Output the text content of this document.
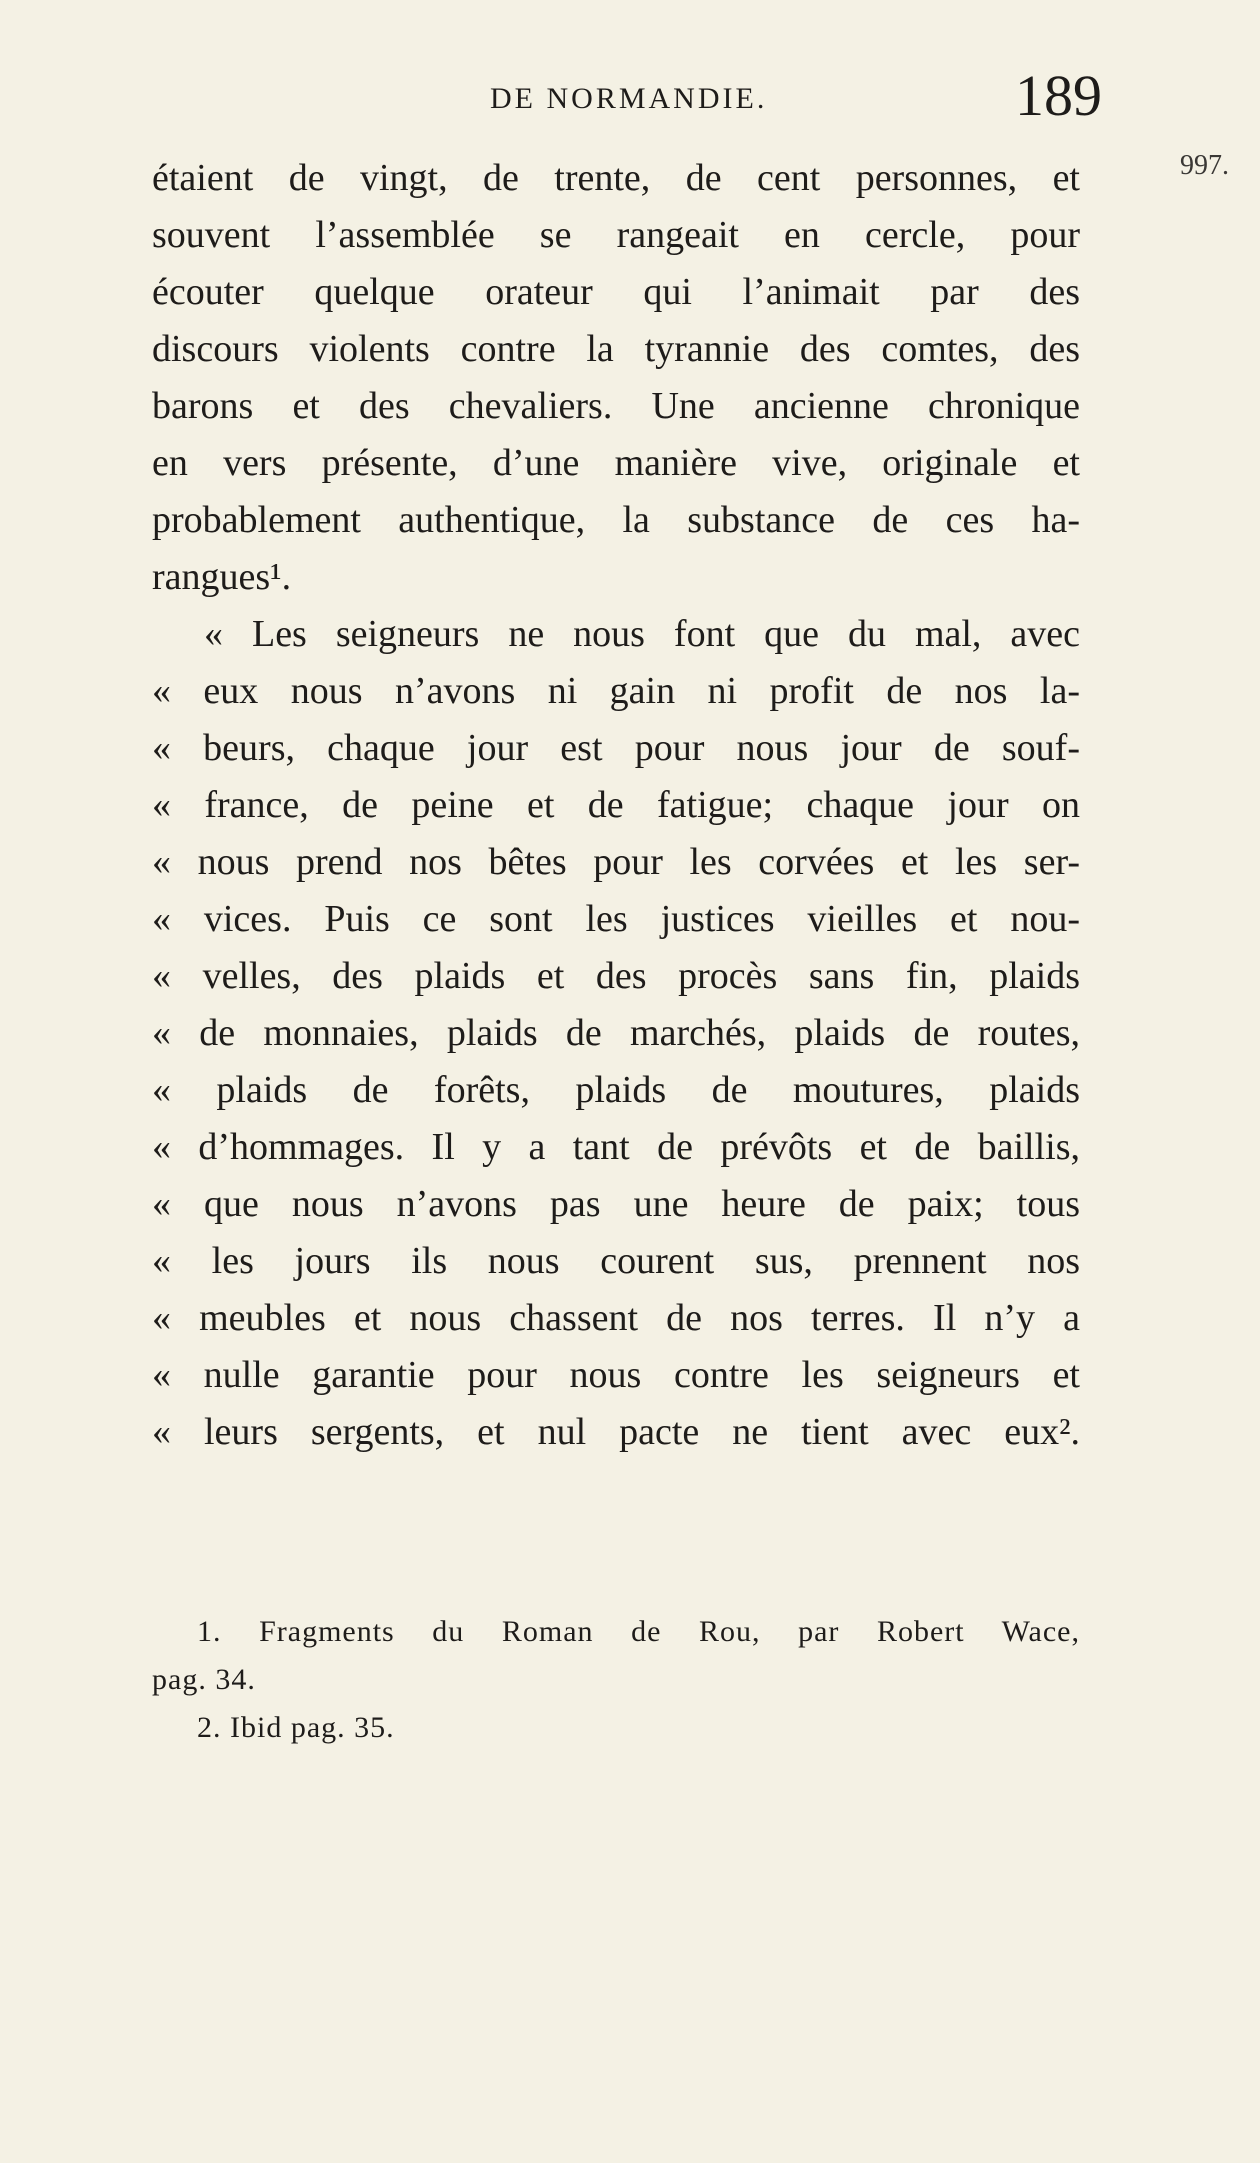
DE NORMANDIE.	189
997.
étaient de vingt, de trente, de cent personnes, et
souvent l’assemblée se rangeait en cercle, pour
écouter quelque orateur qui l’animait par des
discours violents contre la tyrannie des comtes, des
barons et des chevaliers. Une ancienne chronique
en vers présente, d’une manière vive, originale et
probablement authentique, la substance de ces ha-
rangues¹.
« Les seigneurs ne nous font que du mal, avec
« eux nous n’avons ni gain ni profit de nos la-
« beurs, chaque jour est pour nous jour de souf-
« france, de peine et de fatigue; chaque jour on
« nous prend nos bêtes pour les corvées et les ser-
« vices. Puis ce sont les justices vieilles et nou-
« velles, des plaids et des procès sans fin, plaids
« de monnaies, plaids de marchés, plaids de routes,
« plaids de forêts, plaids de moutures, plaids
« d’hommages. Il y a tant de prévôts et de baillis,
« que nous n’avons pas une heure de paix; tous
« les jours ils nous courent sus, prennent nos
« meubles et nous chassent de nos terres. Il n’y a
« nulle garantie pour nous contre les seigneurs et
« leurs sergents, et nul pacte ne tient avec eux².
1. Fragments du Roman de Rou, par Robert Wace,
pag. 34.
2. Ibid pag. 35.
